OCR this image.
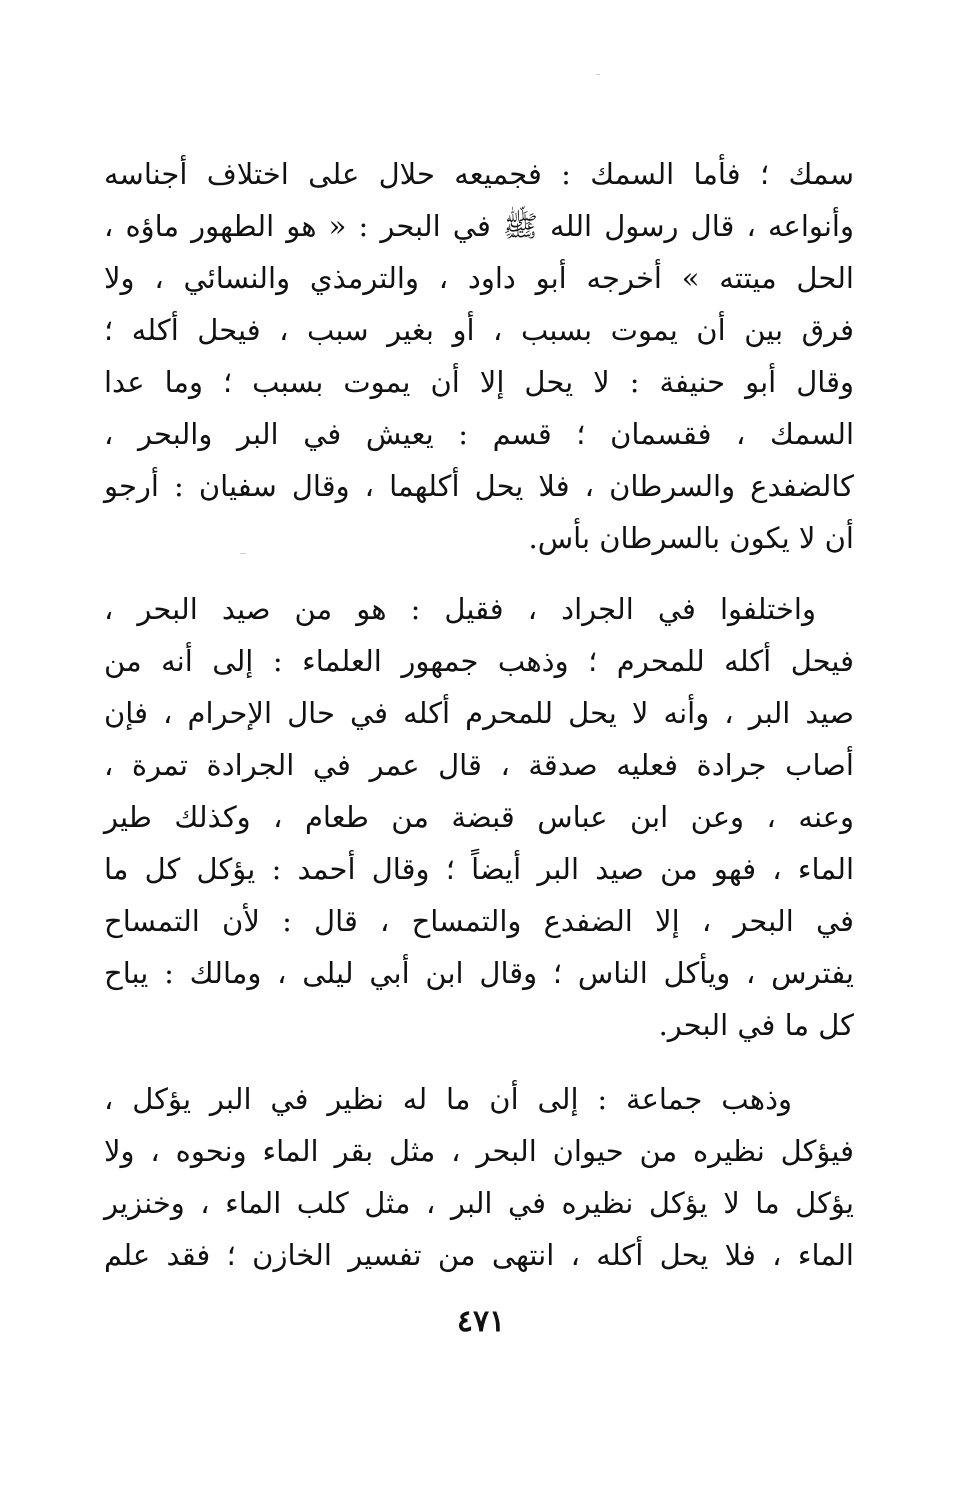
سمك ؛ فأما السمك : فجميعه حلال على اختلاف أجناسه
وأنواعه ، قال رسول الله ﷺ في البحر : « هو الطهور ماؤه ،
الحل ميتته » أخرجه أبو داود ، والترمذي والنسائي ، ولا
فرق بين أن يموت بسبب ، أو بغير سبب ، فيحل أكله ؛
وقال أبو حنيفة : لا يحل إلا أن يموت بسبب ؛ وما عدا
السمك ، فقسمان ؛ قسم : يعيش في البر والبحر ،
كالضفدع والسرطان ، فلا يحل أكلهما ، وقال سفيان : أرجو
أن لا يكون بالسرطان بأس.
واختلفوا في الجراد ، فقيل : هو من صيد البحر ،
فيحل أكله للمحرم ؛ وذهب جمهور العلماء : إلى أنه من
صيد البر ، وأنه لا يحل للمحرم أكله في حال الإحرام ، فإن
أصاب جرادة فعليه صدقة ، قال عمر في الجرادة تمرة ،
وعنه ، وعن ابن عباس قبضة من طعام ، وكذلك طير
الماء ، فهو من صيد البر أيضاً ؛ وقال أحمد : يؤكل كل ما
في البحر ، إلا الضفدع والتمساح ، قال : لأن التمساح
يفترس ، ويأكل الناس ؛ وقال ابن أبي ليلى ، ومالك : يباح
كل ما في البحر.
وذهب جماعة : إلى أن ما له نظير في البر يؤكل ،
فيؤكل نظيره من حيوان البحر ، مثل بقر الماء ونحوه ، ولا
يؤكل ما لا يؤكل نظيره في البر ، مثل كلب الماء ، وخنزير
الماء ، فلا يحل أكله ، انتهى من تفسير الخازن ؛ فقد علم
٤٧١
